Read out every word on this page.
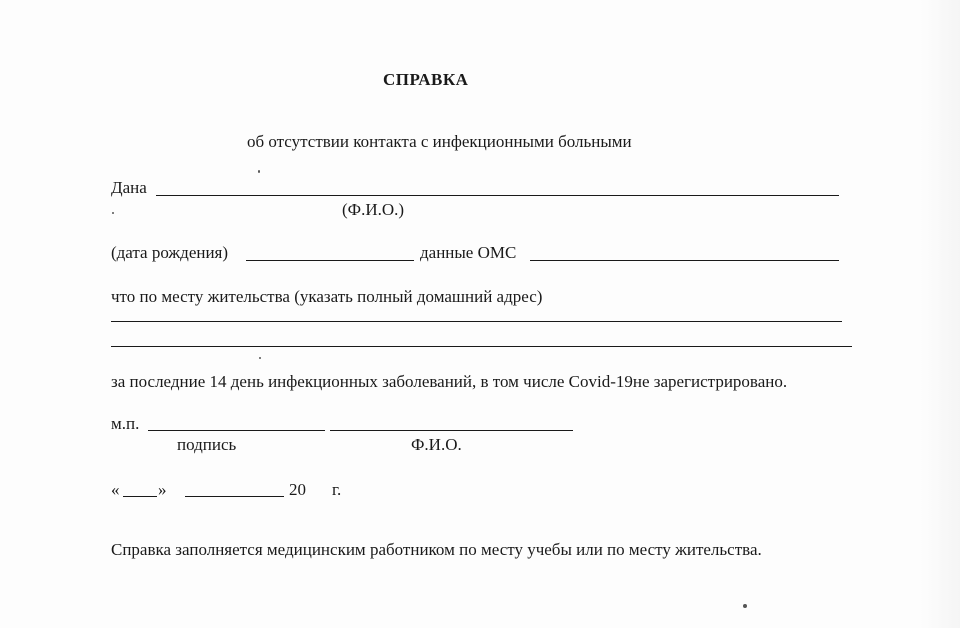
СПРАВКА
об отсутствии контакта с инфекционными больными
Дана
(Ф.И.О.)
(дата рождения)	данные ОМС
что по месту жительства (указать полный домашний адрес)
за последние 14 день инфекционных заболеваний, в том числе Covid-19не зарегистрировано.
м.п.
подпись	Ф.И.О.
« »	20 г.
Справка заполняется медицинским работником по месту учебы или по месту жительства.
